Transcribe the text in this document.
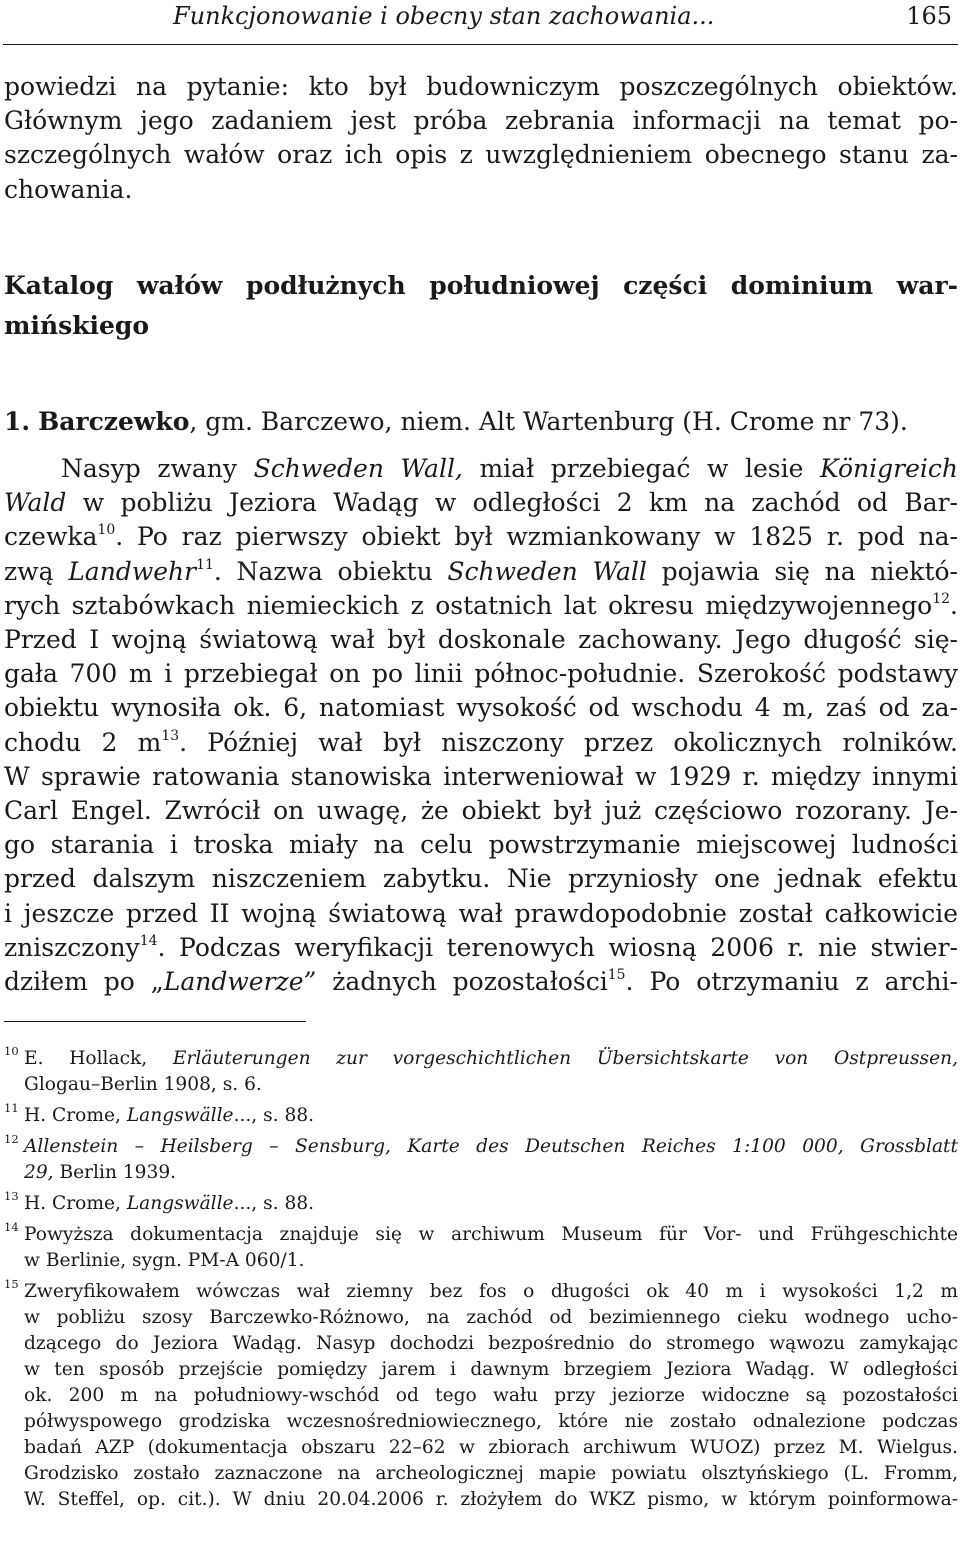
Funkcjonowanie i obecny stan zachowania...	165
powiedzi na pytanie: kto był budowniczym poszczególnych obiektów.
Głównym jego zadaniem jest próba zebrania informacji na temat po-
szczególnych wałów oraz ich opis z uwzględnieniem obecnego stanu za-
chowania.
Katalog wałów podłużnych południowej części dominium war-
mińskiego
1. Barczewko, gm. Barczewo, niem. Alt Wartenburg (H. Crome nr 73).
Nasyp zwany Schweden Wall, miał przebiegać w lesie Königreich
Wald w pobliżu Jeziora Wadąg w odległości 2 km na zachód od Bar-
czewka$^{10}$. Po raz pierwszy obiekt był wzmiankowany w 1825 r. pod na-
zwą Landwehr$^{11}$. Nazwa obiektu Schweden Wall pojawia się na niektó-
rych sztabówkach niemieckich z ostatnich lat okresu międzywojennego$^{12}$.
Przed I wojną światową wał był doskonale zachowany. Jego długość się-
gała 700 m i przebiegał on po linii północ-południe. Szerokość podstawy
obiektu wynosiła ok. 6, natomiast wysokość od wschodu 4 m, zaś od za-
chodu 2 $m^{13}$. Później wał był niszczony przez okolicznych rolników.
W sprawie ratowania stanowiska interweniował w 1929 r. między innymi
Carl Engel. Zwrócił on uwagę, że obiekt był już częściowo rozorany. Je-
go starania i troska miały na celu powstrzymanie miejscowej ludności
przed dalszym niszczeniem zabytku. Nie przyniosły one jednak efektu
i jeszcze przed II wojną światową wał prawdopodobnie został całkowicie
zniszczony$^{14}$. Podczas weryfikacji terenowych wiosną 2006 r. nie stwier-
dziłem po „Landwerze” żadnych pozostałości$^{15}$. Po otrzymaniu z archi-
10 E. Hollack, Erläuterungen zur vorgeschichtlichen Übersichtskarte von Ostpreussen,
Glogau–Berlin 1908, s. 6.
11 H. Crome, Langswälle..., s. 88.
12 Allenstein – Heilsberg – Sensburg, Karte des Deutschen Reiches 1:100 000, Grossblatt
29, Berlin 1939.
13 H. Crome, Langswälle..., s. 88.
14 Powyższa dokumentacja znajduje się w archiwum Museum für Vor- und Frühgeschichte
w Berlinie, sygn. PM-A 060/1.
15 Zweryfikowałem wówczas wał ziemny bez fos o długości ok 40 m i wysokości 1,2 m
w pobliżu szosy Barczewko-Różnowo, na zachód od bezimiennego cieku wodnego ucho-
dzącego do Jeziora Wadąg. Nasyp dochodzi bezpośrednio do stromego wąwozu zamykając
w ten sposób przejście pomiędzy jarem i dawnym brzegiem Jeziora Wadąg. W odległości
ok. 200 m na południowy-wschód od tego wału przy jeziorze widoczne są pozostałości
półwyspowego grodziska wczesnośredniowiecznego, które nie zostało odnalezione podczas
badań AZP (dokumentacja obszaru 22–62 w zbiorach archiwum WUOZ) przez M. Wielgus.
Grodzisko zostało zaznaczone na archeologicznej mapie powiatu olsztyńskiego (L. Fromm,
W. Steffel, op. cit.). W dniu 20.04.2006 r. złożyłem do WKZ pismo, w którym poinformowa-
